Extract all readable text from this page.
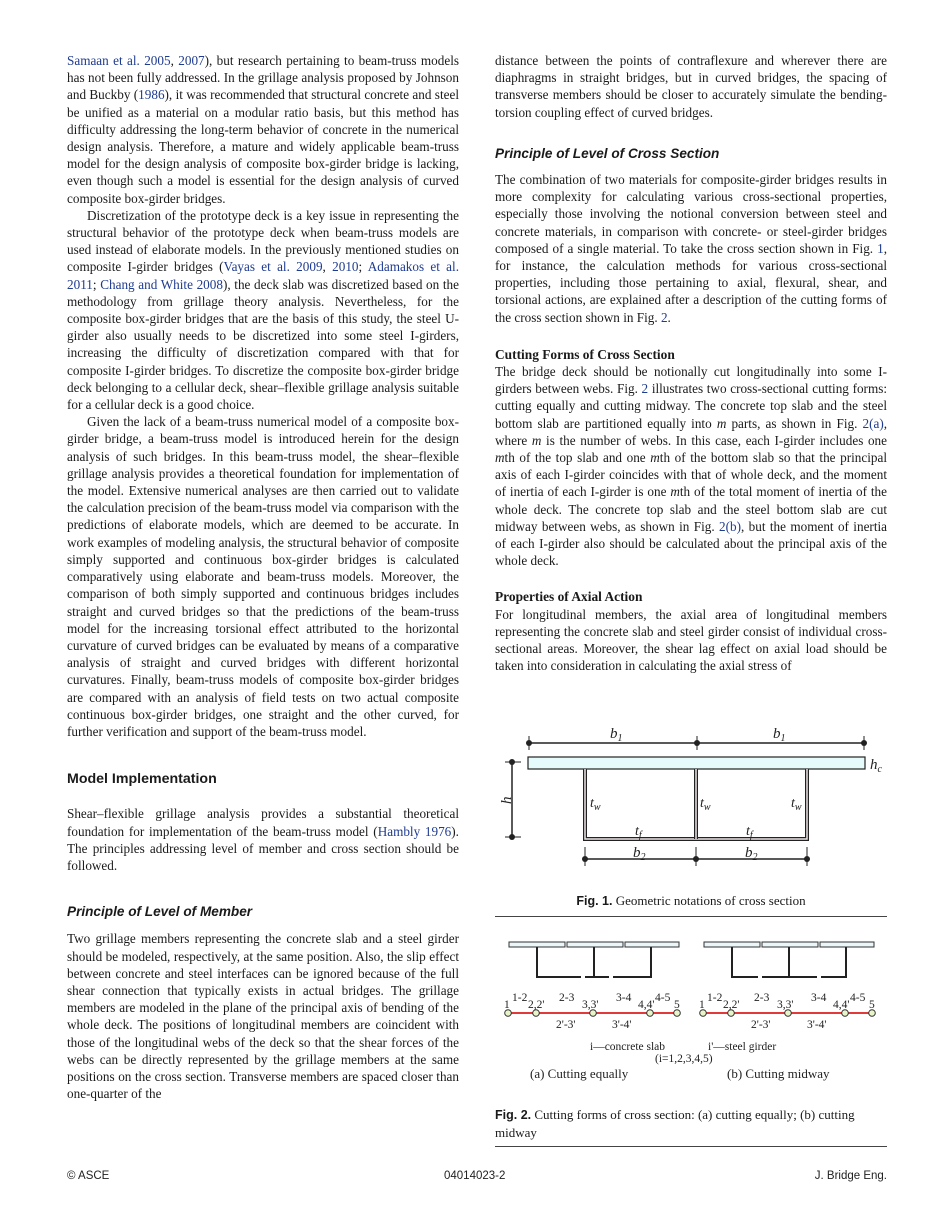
Samaan et al. 2005, 2007), but research pertaining to beam-truss models has not been fully addressed. In the grillage analysis proposed by Johnson and Buckby (1986), it was recommended that structural concrete and steel be unified as a material on a modular ratio basis, but this method has difficulty addressing the long-term behavior of concrete in the numerical design analysis. Therefore, a mature and widely applicable beam-truss model for the design analysis of composite box-girder bridge is lacking, even though such a model is essential for the design analysis of curved composite box-girder bridges.

Discretization of the prototype deck is a key issue in representing the structural behavior of the prototype deck when beam-truss models are used instead of elaborate models. In the previously mentioned studies on composite I-girder bridges (Vayas et al. 2009, 2010; Adamakos et al. 2011; Chang and White 2008), the deck slab was discretized based on the methodology from grillage theory analysis. Nevertheless, for the composite box-girder bridges that are the basis of this study, the steel U-girder also usually needs to be discretized into some steel I-girders, increasing the difficulty of discretization compared with that for composite I-girder bridges. To discretize the composite box-girder bridge deck belonging to a cellular deck, shear–flexible grillage analysis suitable for a cellular deck is a good choice.

Given the lack of a beam-truss numerical model of a composite box-girder bridge, a beam-truss model is introduced herein for the design analysis of such bridges. In this beam-truss model, the shear–flexible grillage analysis provides a theoretical foundation for implementation of the model. Extensive numerical analyses are then carried out to validate the calculation precision of the beam-truss model via comparison with the predictions of elaborate models, which are deemed to be accurate. In work examples of modeling analysis, the structural behavior of composite simply supported and continuous box-girder bridges is calculated comparatively using elaborate and beam-truss models. Moreover, the comparison of both simply supported and continuous bridges includes straight and curved bridges so that the predictions of the beam-truss model for the increasing torsional effect attributed to the horizontal curvature of curved bridges can be evaluated by means of a comparative analysis of straight and curved bridges with different horizontal curvatures. Finally, beam-truss models of composite box-girder bridges are compared with an analysis of field tests on two actual composite continuous box-girder bridges, one straight and the other curved, for further verification and support of the beam-truss model.

Model Implementation

Shear–flexible grillage analysis provides a substantial theoretical foundation for implementation of the beam-truss model (Hambly 1976). The principles addressing level of member and cross section should be followed.

Principle of Level of Member

Two grillage members representing the concrete slab and a steel girder should be modeled, respectively, at the same position. Also, the slip effect between concrete and steel interfaces can be ignored because of the full shear connection that typically exists in actual bridges. The grillage members are modeled in the plane of the principal axis of bending of the whole deck. The positions of longitudinal members are coincident with those of the longitudinal webs of the deck so that the shear forces of the webs can be directly represented by the grillage members at the same positions on the cross section. Transverse members are spaced closer than one-quarter of the

distance between the points of contraflexure and wherever there are diaphragms in straight bridges, but in curved bridges, the spacing of transverse members should be closer to accurately simulate the bending-torsion coupling effect of curved bridges.

Principle of Level of Cross Section

The combination of two materials for composite-girder bridges results in more complexity for calculating various cross-sectional properties, especially those involving the notional conversion between steel and concrete materials, in comparison with concrete- or steel-girder bridges composed of a single material. To take the cross section shown in Fig. 1, for instance, the calculation methods for various cross-sectional properties, including those pertaining to axial, flexural, shear, and torsional actions, are explained after a description of the cutting forms of the cross section shown in Fig. 2.

Cutting Forms of Cross Section

The bridge deck should be notionally cut longitudinally into some I-girders between webs. Fig. 2 illustrates two cross-sectional cutting forms: cutting equally and cutting midway. The concrete top slab and the steel bottom slab are partitioned equally into m parts, as shown in Fig. 2(a), where m is the number of webs. In this case, each I-girder includes one mth of the top slab and one mth of the bottom slab so that the principal axis of each I-girder coincides with that of whole deck, and the moment of inertia of each I-girder is one mth of the total moment of inertia of the whole deck. The concrete top slab and the steel bottom slab are cut midway between webs, as shown in Fig. 2(b), but the moment of inertia of each I-girder also should be calculated about the principal axis of the whole deck.

Properties of Axial Action

For longitudinal members, the axial area of longitudinal members representing the concrete slab and steel girder consist of individual cross-sectional areas. Moreover, the shear lag effect on axial load should be taken into consideration in calculating the axial stress of

$b_1$	$b_1$
$h_c$
h	$t_w$	$t_w$	$t_w$
$t_f$	$t_f$
$b_2$	$b_2$
Fig. 1. Geometric notations of cross section
1 2,2'	3,3'	4,4' 5
1-2	2-3	3-4 4-5
2'-3'	3'-4'
i—concrete slab
(i=1,2,3,4,5)
(a) Cutting equally
1 2,2'	3,3'	4,4' 5
1-2	2-3	3-4 4-5
2'-3'	3'-4'
i'—steel girder
(b) Cutting midway
Fig. 2. Cutting forms of cross section: (a) cutting equally; (b) cutting midway
© ASCE	04014023-2	J. Bridge Eng.
